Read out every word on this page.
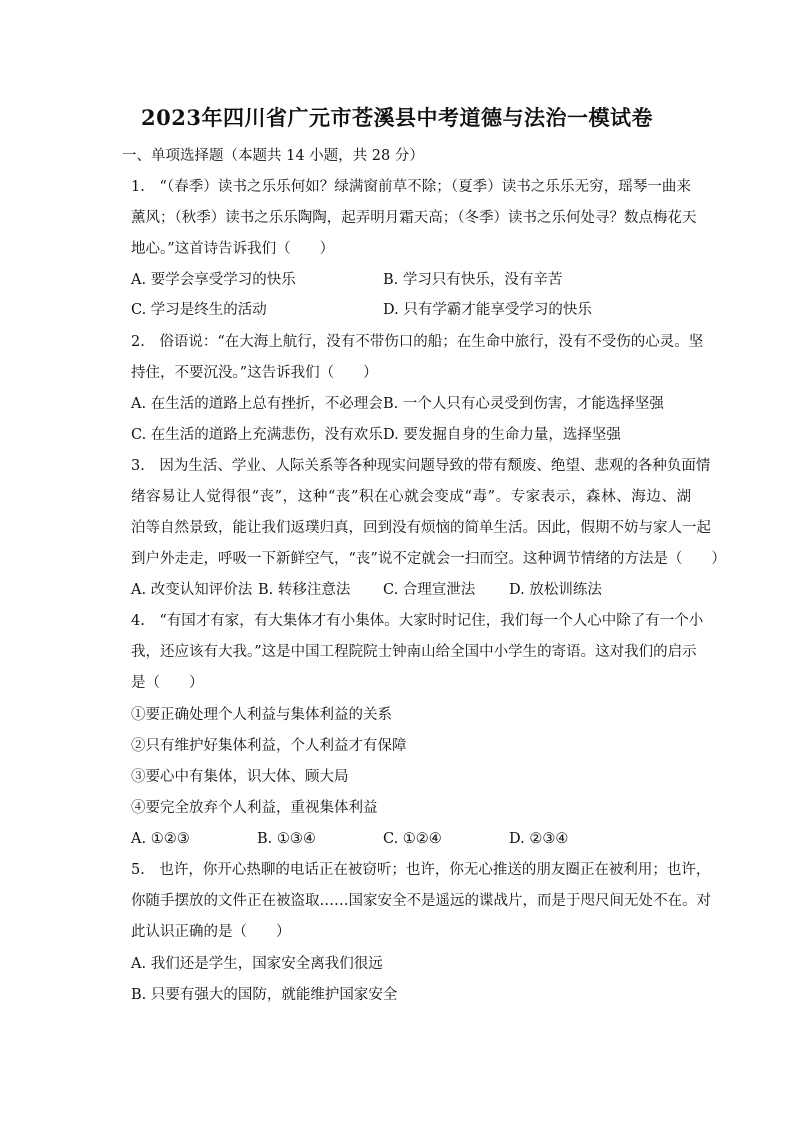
2023年四川省广元市苍溪县中考道德与法治一模试卷
一、单项选择题（本题共 14 小题，共 28 分）
1.　“（春季）读书之乐乐何如？绿满窗前草不除；（夏季）读书之乐乐无穷，瑶琴一曲来
薰风；（秋季）读书之乐乐陶陶，起弄明月霜天高；（冬季）读书之乐何处寻？数点梅花天
地心。”这首诗告诉我们（　　）
A. 要学会享受学习的快乐	B. 学习只有快乐，没有辛苦
C. 学习是终生的活动	D. 只有学霸才能享受学习的快乐
2.　俗语说：“在大海上航行，没有不带伤口的船；在生命中旅行，没有不受伤的心灵。坚
持住，不要沉没。”这告诉我们（　　）
A. 在生活的道路上总有挫折，不必理会 B. 一个人只有心灵受到伤害，才能选择坚强
C. 在生活的道路上充满悲伤，没有欢乐 D. 要发掘自身的生命力量，选择坚强
3.　因为生活、学业、人际关系等各种现实问题导致的带有颓废、绝望、悲观的各种负面情
绪容易让人觉得很“丧”，这种“丧”积在心就会变成“毒”。专家表示，森林、海边、湖
泊等自然景致，能让我们返璞归真，回到没有烦恼的简单生活。因此，假期不妨与家人一起
到户外走走，呼吸一下新鲜空气，“丧”说不定就会一扫而空。这种调节情绪的方法是（　　）
A. 改变认知评价法 B. 转移注意法 C. 合理宣泄法 D. 放松训练法
4.　“有国才有家，有大集体才有小集体。大家时时记住，我们每一个人心中除了有一个小
我，还应该有大我。”这是中国工程院院士钟南山给全国中小学生的寄语。这对我们的启示
是（　　）
①要正确处理个人利益与集体利益的关系
②只有维护好集体利益，个人利益才有保障
③要心中有集体，识大体、顾大局
④要完全放弃个人利益，重视集体利益
A. ①②③	B. ①③④	C. ①②④	D. ②③④
5.　也许，你开心热聊的电话正在被窃听；也许，你无心推送的朋友圈正在被利用；也许，
你随手摆放的文件正在被盗取……国家安全不是遥远的谍战片，而是于咫尺间无处不在。对
此认识正确的是（　　）
A. 我们还是学生，国家安全离我们很远
B. 只要有强大的国防，就能维护国家安全
